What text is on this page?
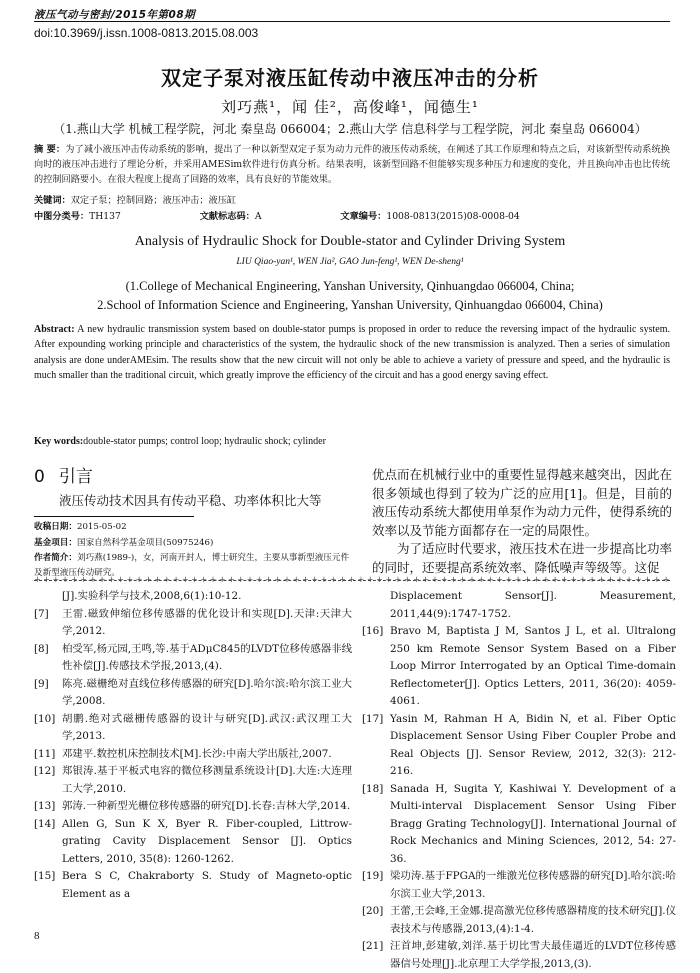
液压气动与密封/2015年第08期
doi:10.3969/j.issn.1008-0813.2015.08.003
双定子泵对液压缸传动中液压冲击的分析
刘巧燕¹，闻 佳²，高俊峰¹，闻德生¹
（1.燕山大学 机械工程学院，河北 秦皇岛 066004；2.燕山大学 信息科学与工程学院，河北 秦皇岛 066004）
摘 要：为了减小液压冲击传动系统的影响，提出了一种以新型双定子泵为动力元件的液压传动系统，在阐述了其工作原理和特点之后，对该新型传动系统换向时的液压冲击进行了理论分析，并采用AMESim软件进行仿真分析。结果表明，该新型回路不但能够实现多种压力和速度的变化，并且换向冲击也比传统的控制回路要小。在很大程度上提高了回路的效率，具有良好的节能效果。
关键词：双定子泵；控制回路；液压冲击；液压缸
中图分类号：TH137	文献标志码：A	文章编号：1008-0813(2015)08-0008-04
Analysis of Hydraulic Shock for Double-stator and Cylinder Driving System
LIU Qiao-yan¹, WEN Jia², GAO Jun-feng¹, WEN De-sheng¹
(1.College of Mechanical Engineering, Yanshan University, Qinhuangdao 066004, China;
2.School of Information Science and Engineering, Yanshan University, Qinhuangdao 066004, China)
Abstract: A new hydraulic transmission system based on double-stator pumps is proposed in order to reduce the reversing impact of the hydraulic system. After expounding working principle and characteristics of the system, the hydraulic shock of the new transmission is analyzed. Then a series of simulation analysis are done underAMEsim. The results show that the new circuit will not only be able to achieve a variety of pressure and speed, and the hydraulic is much smaller than the traditional circuit, which greatly improve the efficiency of the circuit and has a good energy saving effect.
Key words:double-stator pumps; control loop; hydraulic shock; cylinder
0 引言
液压传动技术因具有传动平稳、功率体积比大等
收稿日期：2015-05-02
基金项目：国家自然科学基金项目(50975246)
作者简介：刘巧燕(1989-)，女，河南开封人，博士研究生，主要从事新型液压元件及新型液压传动研究。
优点而在机械行业中的重要性显得越来越突出，因此在很多领域也得到了较为广泛的应用[1]。但是，目前的液压传动系统大都使用单泵作为动力元件，使得系统的效率以及节能方面都存在一定的局限性。
为了适应时代要求，液压技术在进一步提高比功率的同时，还要提高系统效率、降低噪声等级等。这促
+ + + + + + + + + + + + + + + + + + + + + + + + + + + + + + + + + + + + + + + + + + + + + + + + + + + + + + + + + + + + + + + + + + + + +
[J].实验科学与技术,2008,6(1):10-12.
[7]	王雷.磁致伸缩位移传感器的优化设计和实现[D].天津:天津大学,2012.
[8]	柏受军,杨元园,王鸣,等.基于ADμC845的LVDT位移传感器非线性补偿[J].传感技术学报,2013,(4).
[9]	陈亮.磁栅绝对直线位移传感器的研究[D].哈尔滨:哈尔滨工业大学,2008.
[10] 胡鹏.绝对式磁栅传感器的设计与研究[D].武汉:武汉理工大学,2013.
[11] 邓建平.数控机床控制技术[M].长沙:中南大学出版社,2007.
[12] 郑银涛.基于平板式电容的微位移测量系统设计[D].大连:大连理工大学,2010.
[13] 郭涛.一种新型光栅位移传感器的研究[D].长春:吉林大学,2014.
[14] Allen G, Sun K X, Byer R. Fiber-coupled, Littrow-grating Cavity Displacement Sensor [J]. Optics Letters, 2010, 35(8): 1260-1262.
[15] Bera S C, Chakraborty S. Study of Magneto-optic Element as a
Displacement Sensor[J]. Measurement, 2011,44(9):1747-1752.
[16] Bravo M, Baptista J M, Santos J L, et al. Ultralong 250 km Remote Sensor System Based on a Fiber Loop Mirror Interrogated by an Optical Time-domain Reflectometer[J]. Optics Letters, 2011, 36(20): 4059-4061.
[17] Yasin M, Rahman H A, Bidin N, et al. Fiber Optic Displacement Sensor Using Fiber Coupler Probe and Real Objects [J]. Sensor Review, 2012, 32(3): 212-216.
[18] Sanada H, Sugita Y, Kashiwai Y. Development of a Multi-interval Displacement Sensor Using Fiber Bragg Grating Technology[J]. International Journal of Rock Mechanics and Mining Sciences, 2012, 54: 27-36.
[19] 梁功涛.基于FPGA的一维激光位移传感器的研究[D].哈尔滨:哈尔滨工业大学,2013.
[20] 王蕾,王会峰,王金娜.提高激光位移传感器精度的技术研究[J].仪表技术与传感器,2013,(4):1-4.
[21] 汪首坤,彭建敏,刘洋.基于切比雪夫最佳逼近的LVDT位移传感器信号处理[J].北京理工大学学报,2013,(3).
8
